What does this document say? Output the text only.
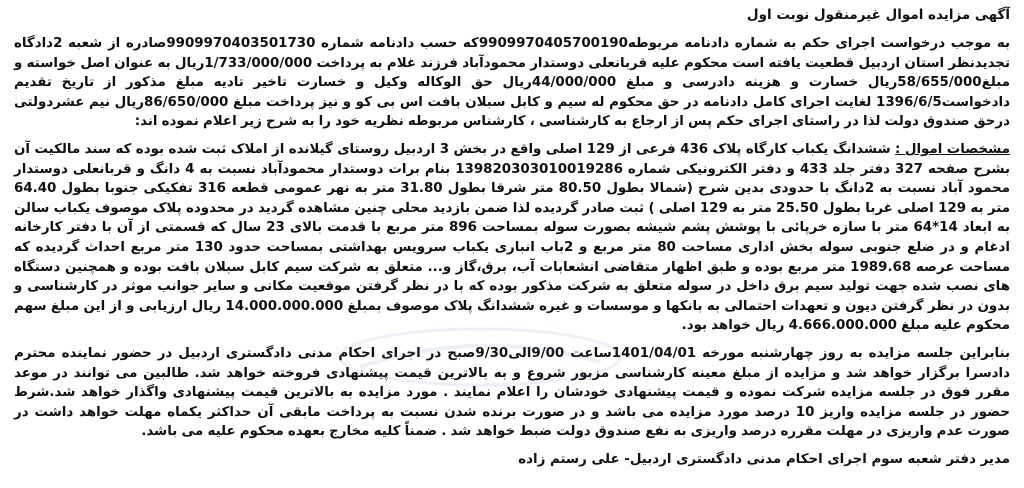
آگهی مزایده اموال غیرمنقول نوبت اول

به موجب درخواست اجرای حکم به شماره دادنامه مربوطه9909970405700190که حسب دادنامه شماره 9909970403501730صادره از شعبه 2دادگاه تجدیدنظر استان اردبیل قطعیت یافته است محکوم علیه قربانعلی دوستدار محمودآباد فرزند غلام به پرداخت 1/733/000/000ریال به عنوان اصل خواسته و مبلغ58/655/000ریال خسارت و هزینه دادرسی و مبلغ 44/000/000ریال حق الوکاله وکیل و خسارت تاخیر تادیه مبلغ مذکور از تاریخ تقدیم دادخواست1396/6/5 لغایت اجرای کامل دادنامه در حق محکوم له سیم و کابل سبلان بافت اس بی کو و نیز پرداخت مبلغ 86/650/000ریال نیم عشردولتی درحق صندوق دولت لذا در راستای اجرای حکم پس از ارجاع به کارشناسی ، کارشناس مربوطه نظریه خود را به شرح زیر اعلام نموده اند:

مشخصات اموال : ششدانگ یکباب کارگاه پلاک 436 فرعی از 129 اصلی واقع در بخش 3 اردبیل روستای گیلانده از املاک ثبت شده بوده که سند مالکیت آن بشرح صفحه 327 دفتر جلد 433 و دفتر الکترونیکی شماره 139820303010019286 بنام برات دوستدار محمودآباد نسبت به 4 دانگ و قربانعلی دوستدار محمود آباد نسبت به 2دانگ با حدودی بدین شرح (شمالا بطول 80.50 متر شرقا بطول 31.80 متر به نهر عمومی قطعه 316 تفکیکی جنوبا بطول 64.40 متر به 129 اصلی غربا بطول 25.50 متر به 129 اصلی ) ثبت صادر گردیده لذا ضمن بازدید محلی چنین مشاهده گردید در محدوده پلاک موصوف یکباب سالن به ابعاد 14*64 متر با سازه خرپائی با پوشش پشم شیشه بصورت سوله بمساحت 896 متر مربع با قدمت بالای 23 سال که قسمتی از آن با دفتر کارخانه ادغام و در ضلع جنوبی سوله بخش اداری مساحت 80 متر مربع و 2باب انباری یکباب سرویس بهداشتی بمساحت حدود 130 متر مربع احداث گردیده که مساحت عرصه 1989.68 متر مربع بوده و طبق اظهار متقاضی انشعابات آب، برق،گاز و... متعلق به شرکت سیم کابل سبلان بافت بوده و همچنین دستگاه های نصب شده جهت تولید سیم برق داخل در سوله متعلق به شرکت مذکور بوده که با در نظر گرفتن موقعیت مکانی و سایر جوانب موثر در کارشناسی و بدون در نظر گرفتن دیون و تعهدات احتمالی به بانکها و موسسات و غیره ششدانگ پلاک موصوف بمبلغ 14.000.000.000 ریال ارزیابی و از این مبلغ سهم محکوم علیه مبلغ 4.666.000.000 ریال خواهد بود.

بنابراین جلسه مزایده به روز چهارشنبه مورخه 1401/04/01ساعت 9/00الی9/30صبح در اجرای احکام مدنی دادگستری اردبیل در حضور نماینده محترم دادسرا برگزار خواهد شد و مزایده از مبلغ معینه کارشناسی مزبور شروع و به بالاترین قیمت پیشنهادی فروخته خواهد شد. طالبین می توانند در موعد مقرر فوق در جلسه مزایده شرکت نموده و قیمت پیشنهادی خودشان را اعلام نمایند . مورد مزایده به بالاترین قیمت پیشنهادی واگذار خواهد شد.شرط حضور در جلسه مزایده واریز 10 درصد مورد مزایده می باشد و در صورت برنده شدن نسبت به پرداخت مابقی آن حداکثر یکماه مهلت خواهد داشت در صورت عدم واریزی در مهلت مقرره درصد واریزی به نفع صندوق دولت ضبط خواهد شد . ضمناً کلیه مخارج بعهده محکوم علیه می باشد.

مدیر دفتر شعبه سوم اجرای احکام مدنی دادگستری اردبیل- علی رستم زاده
